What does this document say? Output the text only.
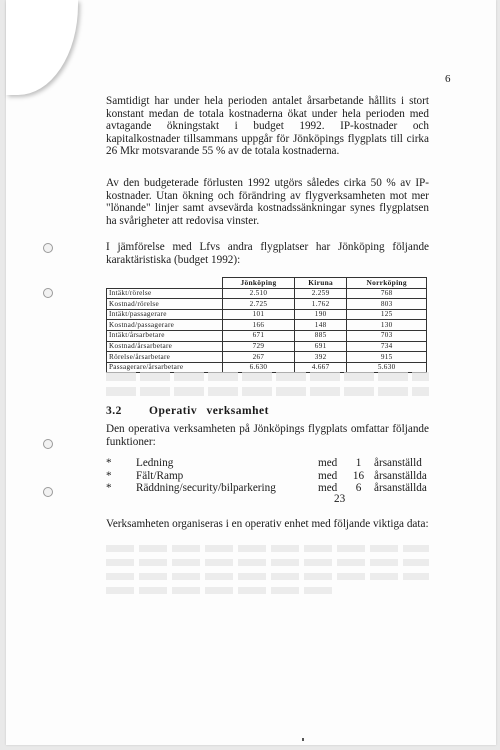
6
Samtidigt har under hela perioden antalet årsarbetande hållits i stort konstant medan de totala kostnaderna ökat under hela perioden med avtagande ökningstakt i budget 1992. IP-kostnader och kapitalkostnader tillsammans uppgår för Jönköpings flygplats till cirka 26 Mkr motsvarande 55 % av de totala kostnaderna.
Av den budgeterade förlusten 1992 utgörs således cirka 50 % av IP-kostnader. Utan ökning och förändring av flygverksamheten mot mer "lönande" linjer samt avsevärda kostnadssänkningar synes flygplatsen ha svårigheter att redovisa vinster.
I jämförelse med Lfvs andra flygplatser har Jönköping följande karaktäristiska (budget 1992):
	Jönköping	Kiruna	Norrköping
Intäkt/rörelse	2.510	2.259	768
Kostnad/rörelse	2.725	1.762	803
Intäkt/passagerare	101	190	125
Kostnad/passagerare	166	148	130
Intäkt/årsarbetare	671	885	703
Kostnad/årsarbetare	729	691	734
Rörelse/årsarbetare	267	392	915
Passagerare/årsarbetare	6.630	4.667	5.630
3.2 Operativ verksamhet
Den operativa verksamheten på Jönköpings flygplats omfattar följande funktioner:
* Ledning	med	1	årsanställd
* Fält/Ramp	med 16 årsanställda
* Räddning/security/bilparkering	med	6	årsanställda
23
Verksamheten organiseras i en operativ enhet med följande viktiga data:
